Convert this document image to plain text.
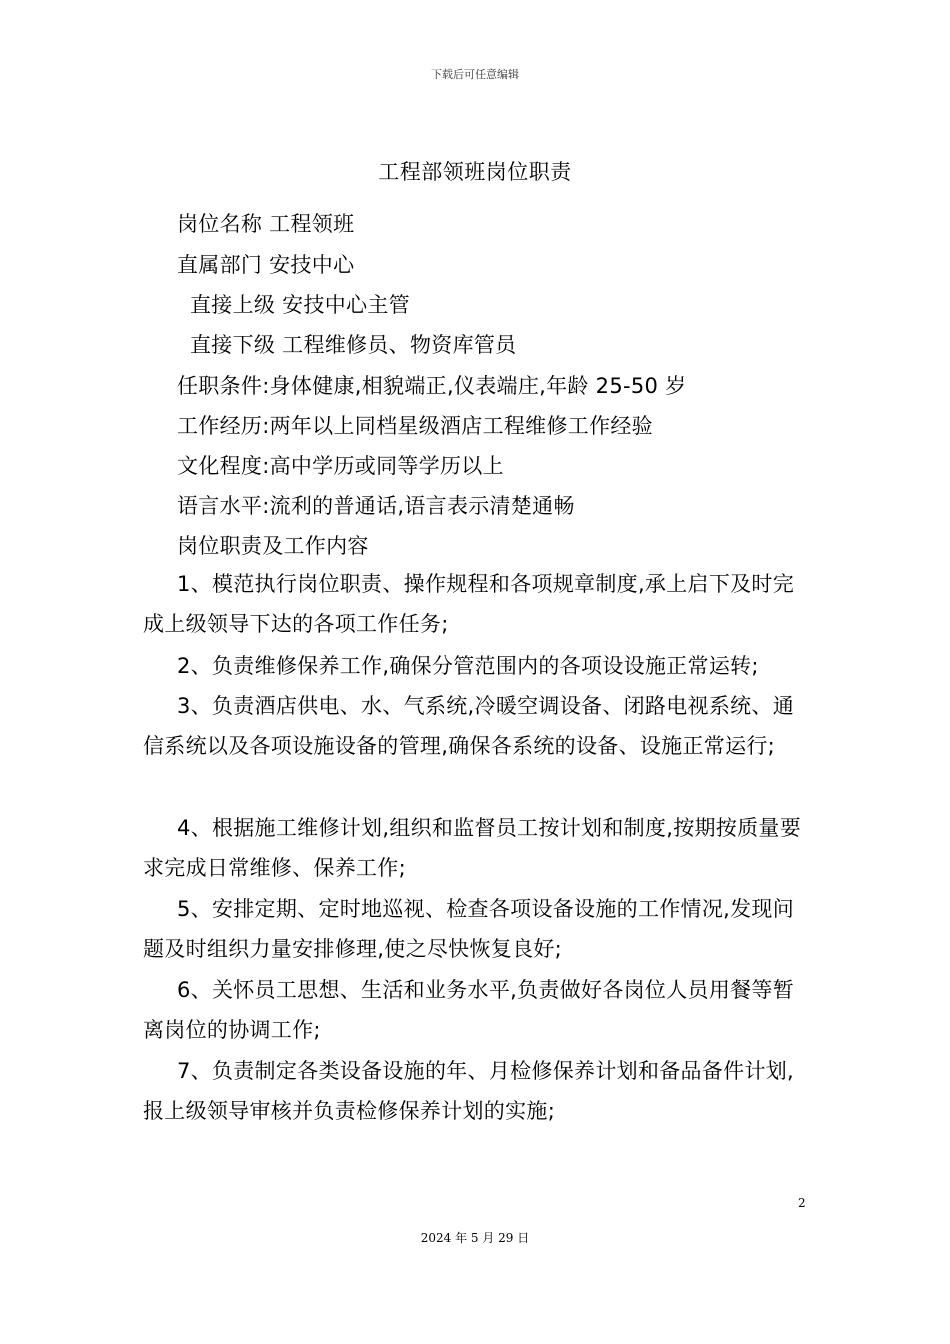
下载后可任意编辑
工程部领班岗位职责
岗位名称 工程领班
直属部门 安技中心
直接上级 安技中心主管
直接下级 工程维修员、物资库管员
任职条件:身体健康,相貌端正,仪表端庄,年龄 25-50 岁
工作经历:两年以上同档星级酒店工程维修工作经验
文化程度:高中学历或同等学历以上
语言水平:流利的普通话,语言表示清楚通畅
岗位职责及工作内容

1、模范执行岗位职责、操作规程和各项规章制度,承上启下及时完成上级领导下达的各项工作任务;

2、负责维修保养工作,确保分管范围内的各项设设施正常运转;

3、负责酒店供电、水、气系统,冷暖空调设备、闭路电视系统、通信系统以及各项设施设备的管理,确保各系统的设备、设施正常运行;

4、根据施工维修计划,组织和监督员工按计划和制度,按期按质量要求完成日常维修、保养工作;

5、安排定期、定时地巡视、检查各项设备设施的工作情况,发现问题及时组织力量安排修理,使之尽快恢复良好;

6、关怀员工思想、生活和业务水平,负责做好各岗位人员用餐等暂离岗位的协调工作;

7、负责制定各类设备设施的年、月检修保养计划和备品备件计划,报上级领导审核并负责检修保养计划的实施;

2
2024 年 5 月 29 日
